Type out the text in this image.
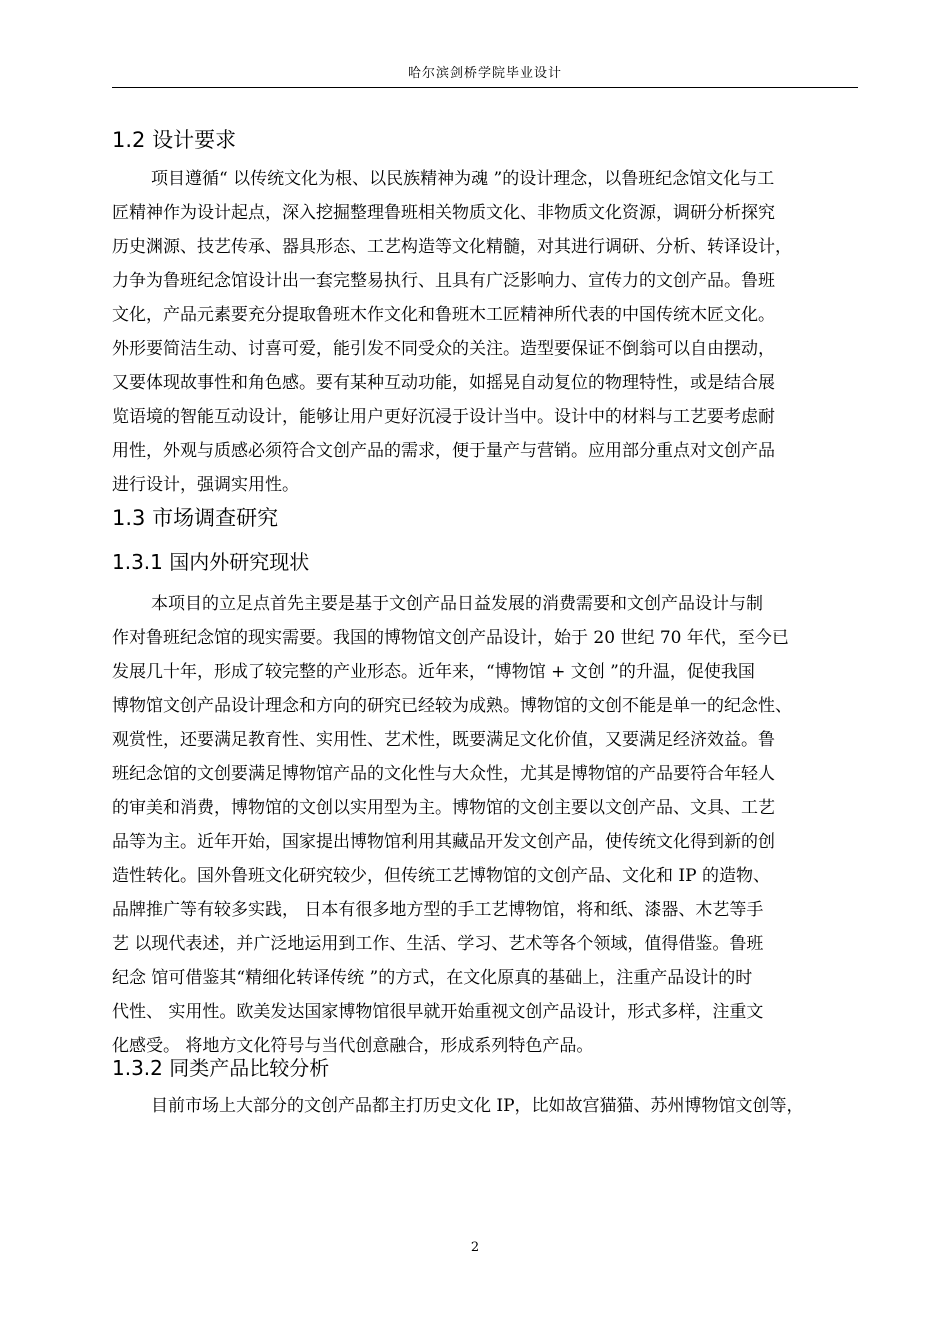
哈尔滨剑桥学院毕业设计
1.2 设计要求
项目遵循“ 以传统文化为根、以民族精神为魂 ”的设计理念，以鲁班纪念馆文化与工
匠精神作为设计起点，深入挖掘整理鲁班相关物质文化、非物质文化资源，调研分析探究
历史渊源、技艺传承、器具形态、工艺构造等文化精髓，对其进行调研、分析、转译设计，
力争为鲁班纪念馆设计出一套完整易执行、且具有广泛影响力、宣传力的文创产品。鲁班
文化，产品元素要充分提取鲁班木作文化和鲁班木工匠精神所代表的中国传统木匠文化。
外形要简洁生动、讨喜可爱，能引发不同受众的关注。造型要保证不倒翁可以自由摆动，
又要体现故事性和角色感。要有某种互动功能，如摇晃自动复位的物理特性，或是结合展
览语境的智能互动设计，能够让用户更好沉浸于设计当中。设计中的材料与工艺要考虑耐
用性，外观与质感必须符合文创产品的需求，便于量产与营销。应用部分重点对文创产品
进行设计，强调实用性。
1.3 市场调查研究
1.3.1 国内外研究现状
本项目的立足点首先主要是基于文创产品日益发展的消费需要和文创产品设计与制
作对鲁班纪念馆的现实需要。我国的博物馆文创产品设计，始于 20 世纪 70 年代，至今已
发展几十年，形成了较完整的产业形态。近年来，“博物馆 + 文创 ”的升温，促使我国
博物馆文创产品设计理念和方向的研究已经较为成熟。博物馆的文创不能是单一的纪念性、
观赏性，还要满足教育性、实用性、艺术性，既要满足文化价值，又要满足经济效益。鲁
班纪念馆的文创要满足博物馆产品的文化性与大众性，尤其是博物馆的产品要符合年轻人
的审美和消费，博物馆的文创以实用型为主。博物馆的文创主要以文创产品、文具、工艺
品等为主。近年开始，国家提出博物馆利用其藏品开发文创产品，使传统文化得到新的创
造性转化。国外鲁班文化研究较少，但传统工艺博物馆的文创产品、文化和 IP 的造物、
品牌推广等有较多实践， 日本有很多地方型的手工艺博物馆，将和纸、漆器、木艺等手
艺 以现代表述，并广泛地运用到工作、生活、学习、艺术等各个领域，值得借鉴。鲁班
纪念 馆可借鉴其“精细化转译传统 ”的方式，在文化原真的基础上，注重产品设计的时
代性、 实用性。欧美发达国家博物馆很早就开始重视文创产品设计，形式多样，注重文
化感受。 将地方文化符号与当代创意融合，形成系列特色产品。
1.3.2 同类产品比较分析
目前市场上大部分的文创产品都主打历史文化 IP，比如故宫猫猫、苏州博物馆文创等，
2
